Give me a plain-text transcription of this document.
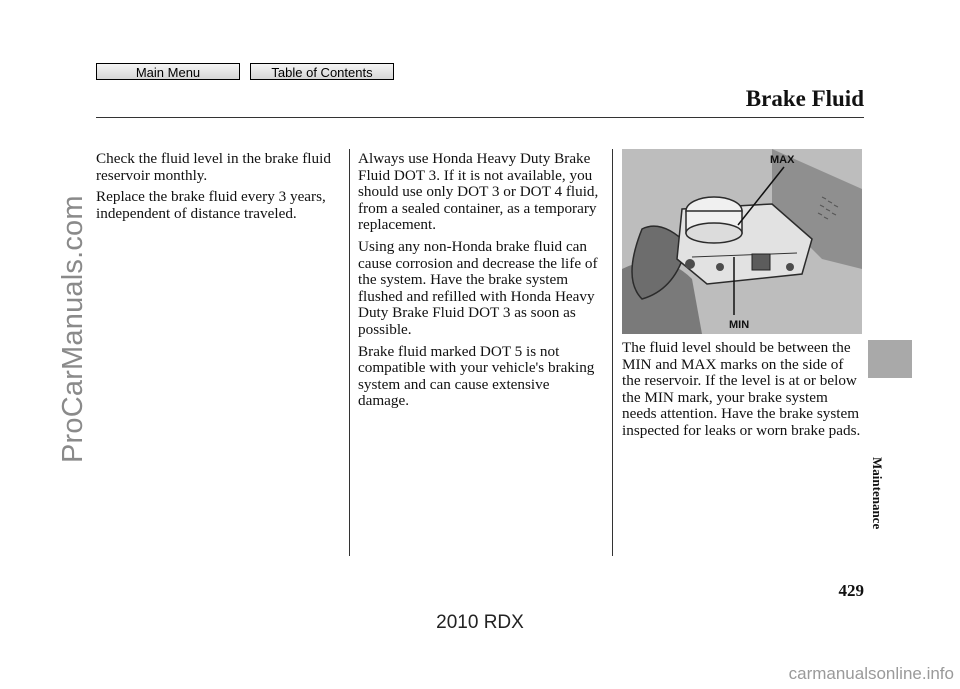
Main Menu	Table of Contents
ProCarManuals.com
Brake Fluid

Check the fluid level in the brake fluid reservoir monthly.

Replace the brake fluid every 3 years, independent of distance traveled.

Always use Honda Heavy Duty Brake Fluid DOT 3. If it is not available, you should use only DOT 3 or DOT 4 fluid, from a sealed container, as a temporary replacement.

Using any non-Honda brake fluid can cause corrosion and decrease the life of the system. Have the brake system flushed and refilled with Honda Heavy Duty Brake Fluid DOT 3 as soon as possible.

Brake fluid marked DOT 5 is not compatible with your vehicle's braking system and can cause extensive damage.

MAX
MIN

The fluid level should be between the MIN and MAX marks on the side of the reservoir. If the level is at or below the MIN mark, your brake system needs attention. Have the brake system inspected for leaks or worn brake pads.

Maintenance
429
2010 RDX
carmanualsonline.info
